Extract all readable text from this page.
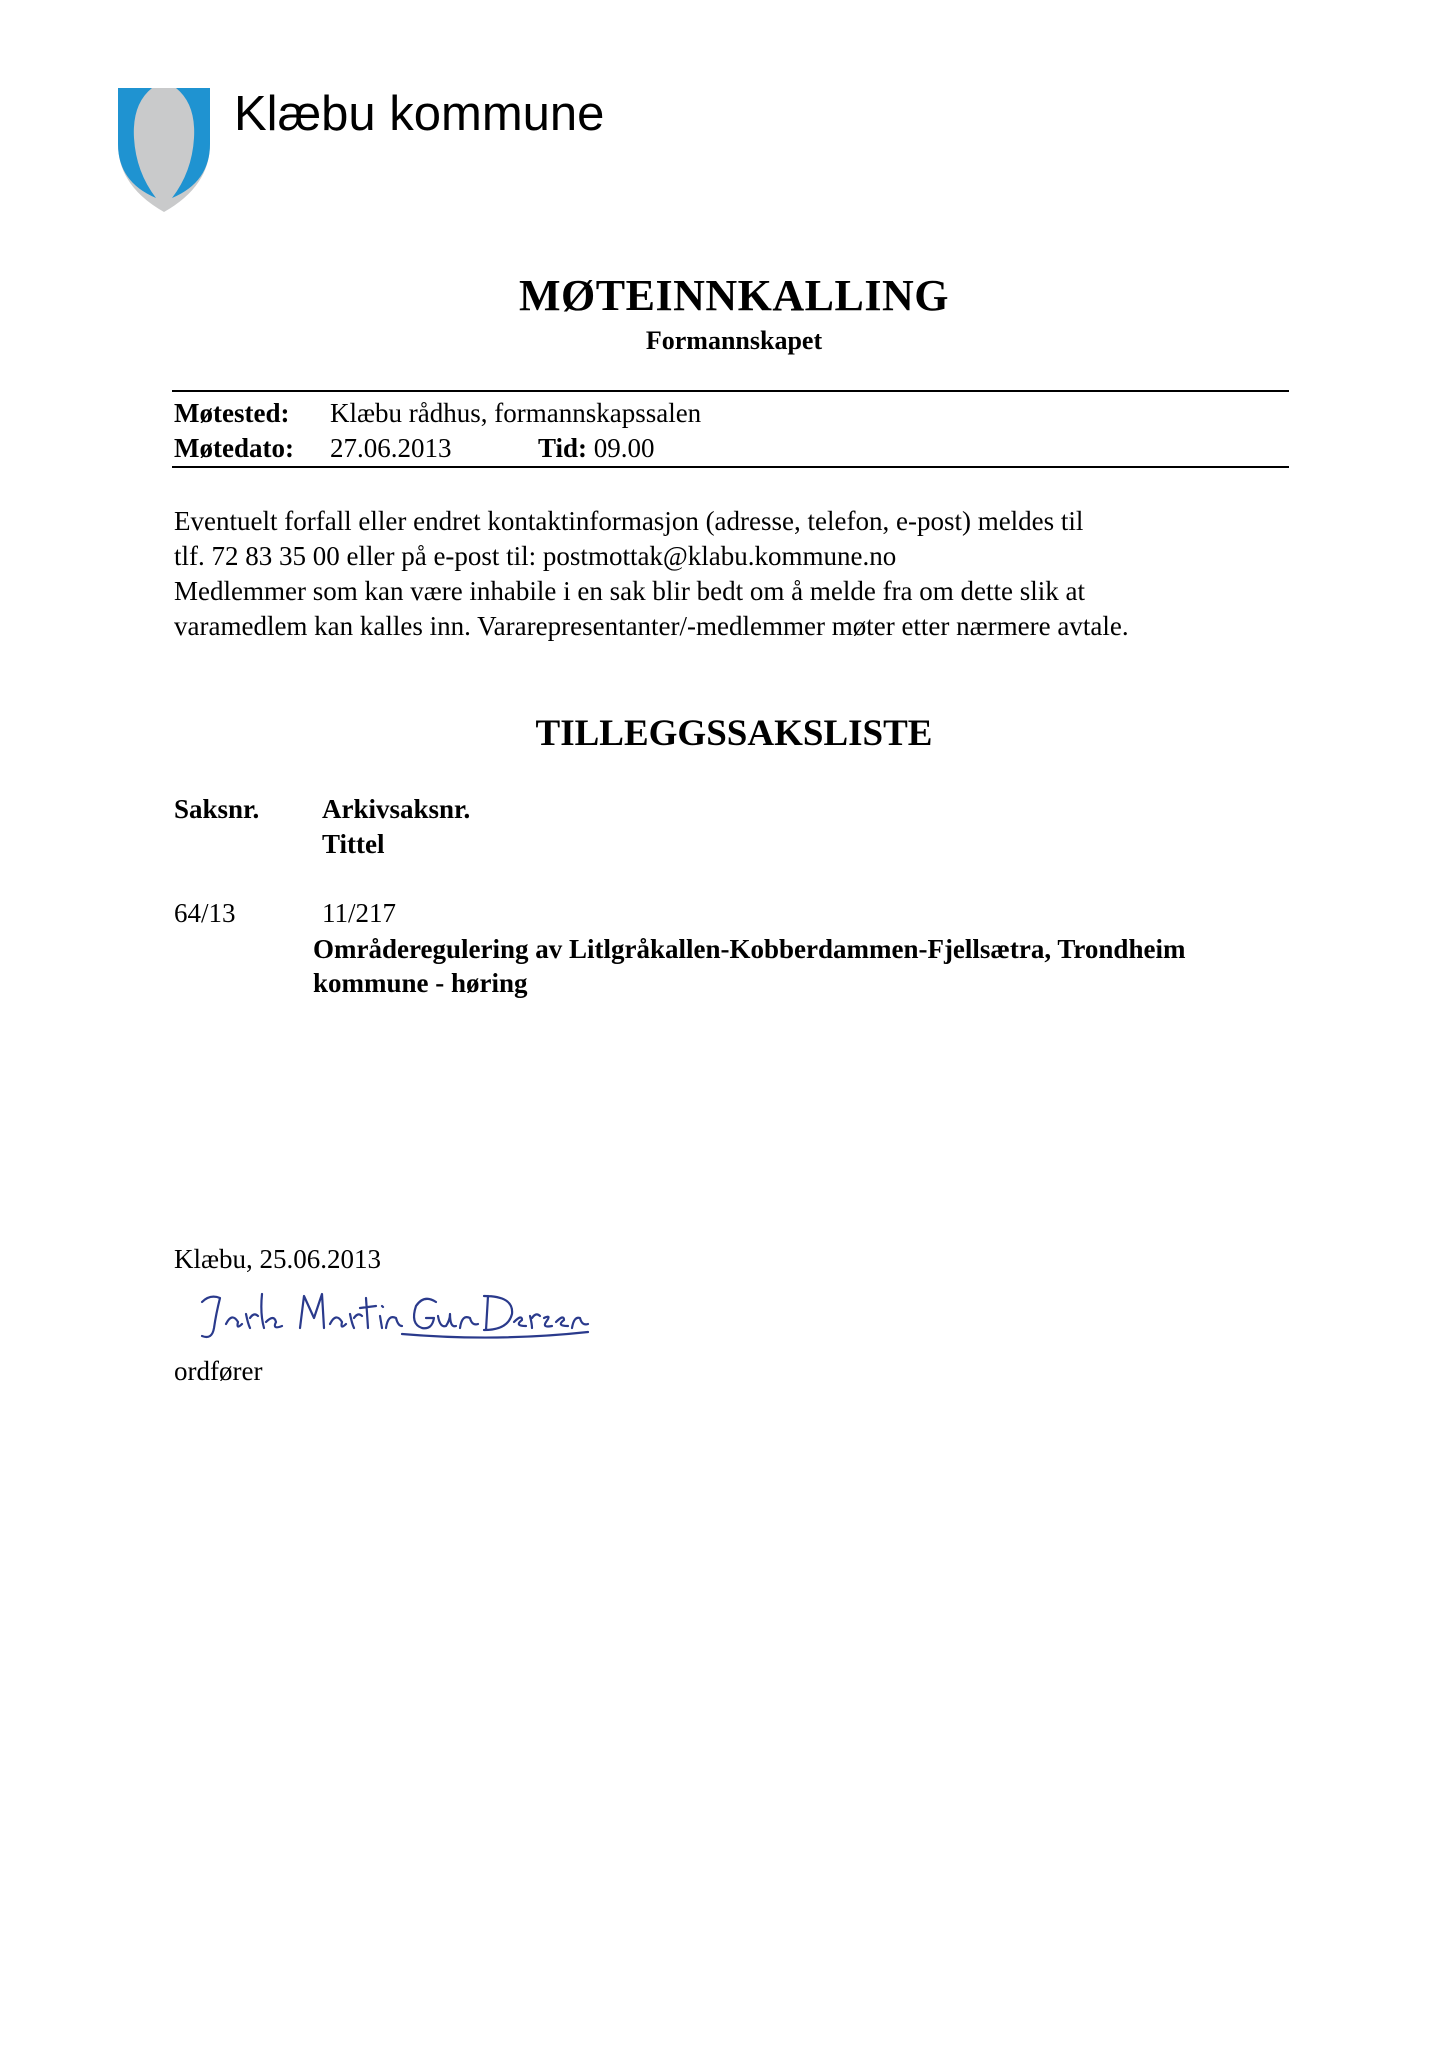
Klæbu kommune
MØTEINNKALLING
Formannskapet
Møtested: Klæbu rådhus, formannskapssalen
Møtedato: 27.06.2013	Tid: 09.00
Eventuelt forfall eller endret kontaktinformasjon (adresse, telefon, e-post) meldes til
tlf. 72 83 35 00 eller på e-post til: postmottak@klabu.kommune.no
Medlemmer som kan være inhabile i en sak blir bedt om å melde fra om dette slik at
varamedlem kan kalles inn. Vararepresentanter/-medlemmer møter etter nærmere avtale.
TILLEGGSSAKSLISTE
Saksnr. Arkivsaksnr.
Tittel
64/13	11/217
Områderegulering av Litlgråkallen-Kobberdammen-Fjellsætra, Trondheim
kommune - høring
Klæbu, 25.06.2013
ordfører
